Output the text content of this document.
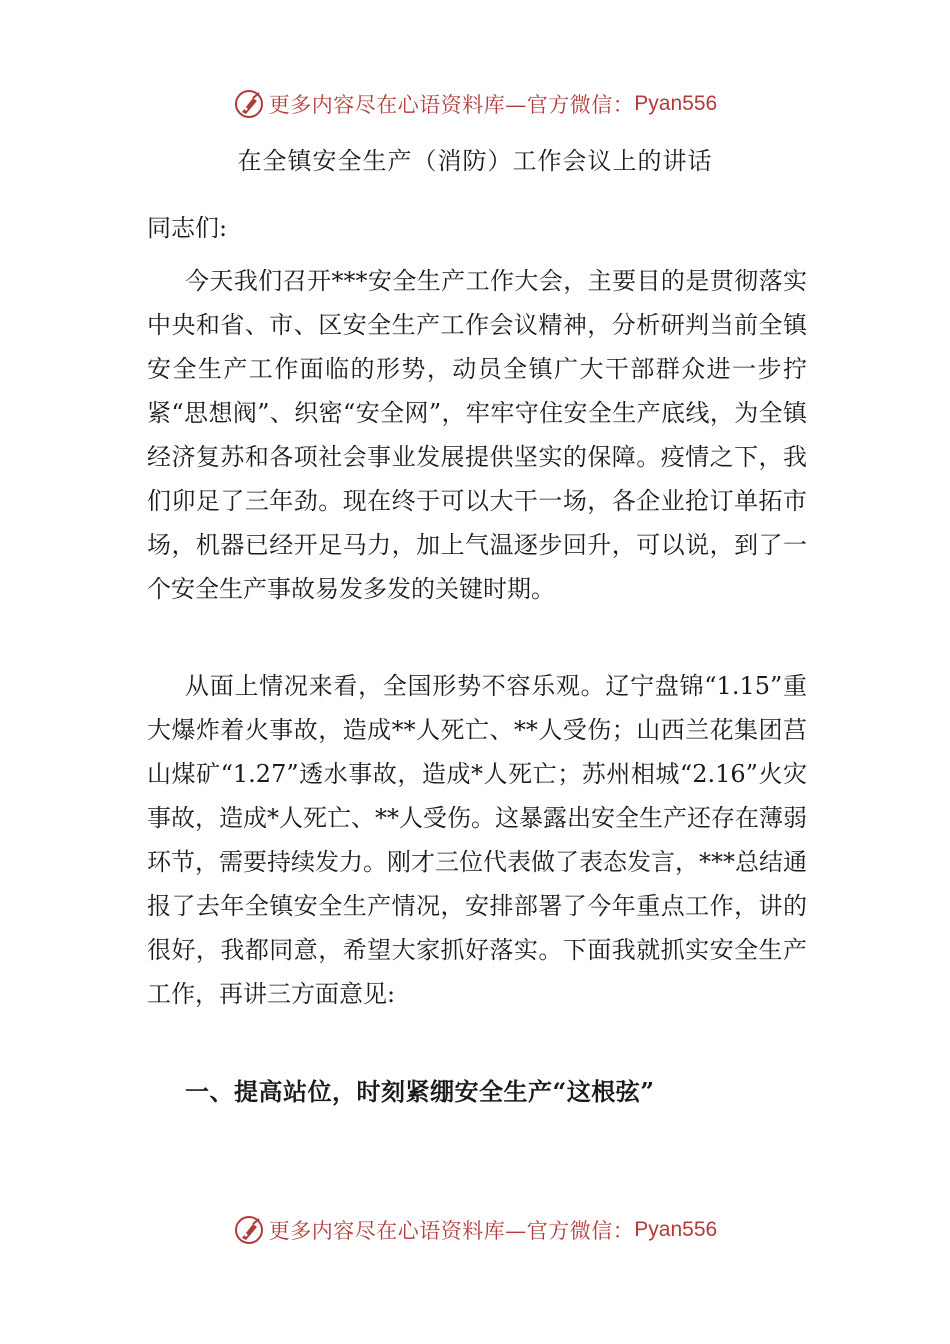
更多内容尽在心语资料库—官方微信： Pyan556
在全镇安全生产（消防）工作会议上的讲话
同志们:

今天我们召开***安全生产工作大会，主要目的是贯彻落实中央和省、市、区安全生产工作会议精神，分析研判当前全镇安全生产工作面临的形势，动员全镇广大干部群众进一步拧紧“思想阀”、织密“安全网”，牢牢守住安全生产底线，为全镇经济复苏和各项社会事业发展提供坚实的保障。疫情之下，我们卯足了三年劲。现在终于可以大干一场，各企业抢订单拓市场，机器已经开足马力，加上气温逐步回升，可以说，到了一个安全生产事故易发多发的关键时期。

从面上情况来看，全国形势不容乐观。辽宁盘锦“1.15”重大爆炸着火事故，造成**人死亡、**人受伤；山西兰花集团莒山煤矿“1.27”透水事故，造成*人死亡；苏州相城“2.16”火灾事故，造成*人死亡、**人受伤。这暴露出安全生产还存在薄弱环节，需要持续发力。刚才三位代表做了表态发言，***总结通报了去年全镇安全生产情况，安排部署了今年重点工作，讲的很好，我都同意，希望大家抓好落实。下面我就抓实安全生产工作，再讲三方面意见:

一、提高站位，时刻紧绷安全生产“这根弦”
更多内容尽在心语资料库—官方微信： Pyan556
